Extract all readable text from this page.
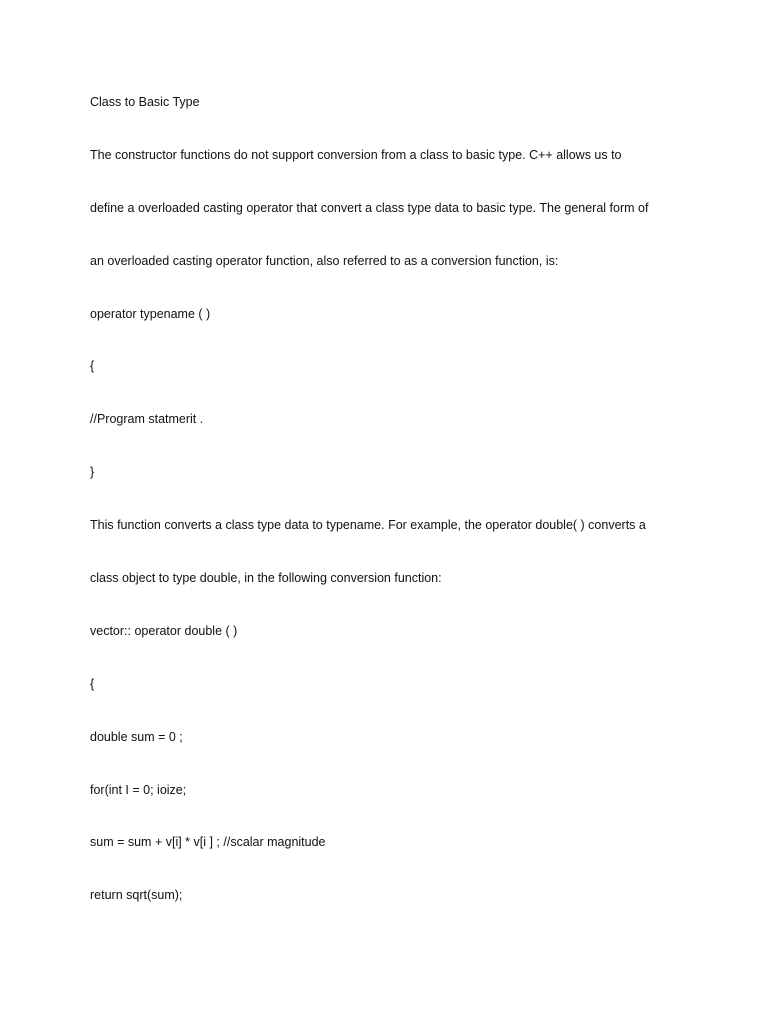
Class to Basic Type
The constructor functions do not support conversion from a class to basic type. C++ allows us to
define a overloaded casting operator that convert a class type data to basic type. The general form of
an overloaded casting operator function, also referred to as a conversion function, is:
operator typename ( )
{
//Program statmerit .
}
This function converts a class type data to typename. For example, the operator double( ) converts a
class object to type double, in the following conversion function:
vector:: operator double ( )
{
double sum = 0 ;
for(int I = 0; ioize;
sum = sum + v[i] * v[i ] ; //scalar magnitude
return sqrt(sum);
